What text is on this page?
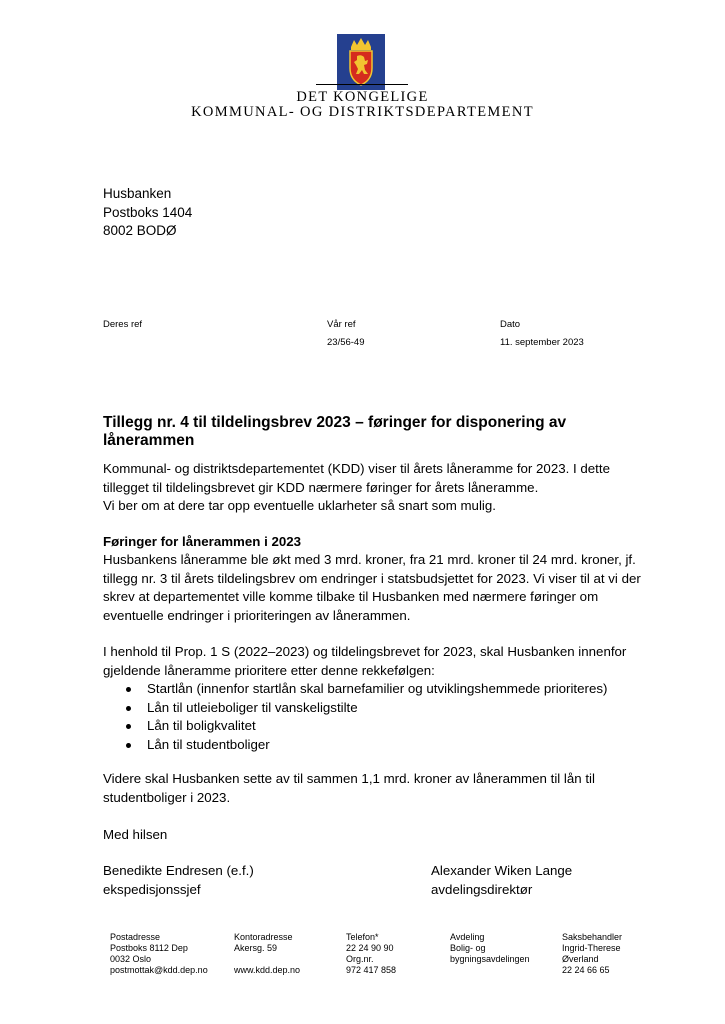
DET KONGELIGE
KOMMUNAL- OG DISTRIKTSDEPARTEMENT
Husbanken
Postboks 1404
8002 BODØ
Deres ref	Vår ref
23/56-49
Dato
11. september 2023
Tillegg nr. 4 til tildelingsbrev 2023 – føringer for disponering av lånerammen
Kommunal- og distriktsdepartementet (KDD) viser til årets låneramme for 2023. I dette
tillegget til tildelingsbrevet gir KDD nærmere føringer for årets låneramme.
Vi ber om at dere tar opp eventuelle uklarheter så snart som mulig.
Føringer for lånerammen i 2023
Husbankens låneramme ble økt med 3 mrd. kroner, fra 21 mrd. kroner til 24 mrd. kroner, jf.
tillegg nr. 3 til årets tildelingsbrev om endringer i statsbudsjettet for 2023. Vi viser til at vi der
skrev at departementet ville komme tilbake til Husbanken med nærmere føringer om
eventuelle endringer i prioriteringen av lånerammen.
I henhold til Prop. 1 S (2022–2023) og tildelingsbrevet for 2023, skal Husbanken innenfor
gjeldende låneramme prioritere etter denne rekkefølgen:
Startlån (innenfor startlån skal barnefamilier og utviklingshemmede prioriteres)
Lån til utleieboliger til vanskeligstilte
Lån til boligkvalitet
Lån til studentboliger
Videre skal Husbanken sette av til sammen 1,1 mrd. kroner av lånerammen til lån til
studentboliger i 2023.
Med hilsen
Benedikte Endresen (e.f.)
ekspedisjonssjef
Alexander Wiken Lange
avdelingsdirektør
Postadresse
Postboks 8112 Dep
0032 Oslo
postmottak@kdd.dep.no
Kontoradresse
Akersg. 59

www.kdd.dep.no
Telefon*
22 24 90 90
Org.nr.
972 417 858
Avdeling
Bolig- og
bygningsavdelingen
Saksbehandler
Ingrid-Therese
Øverland
22 24 66 65
